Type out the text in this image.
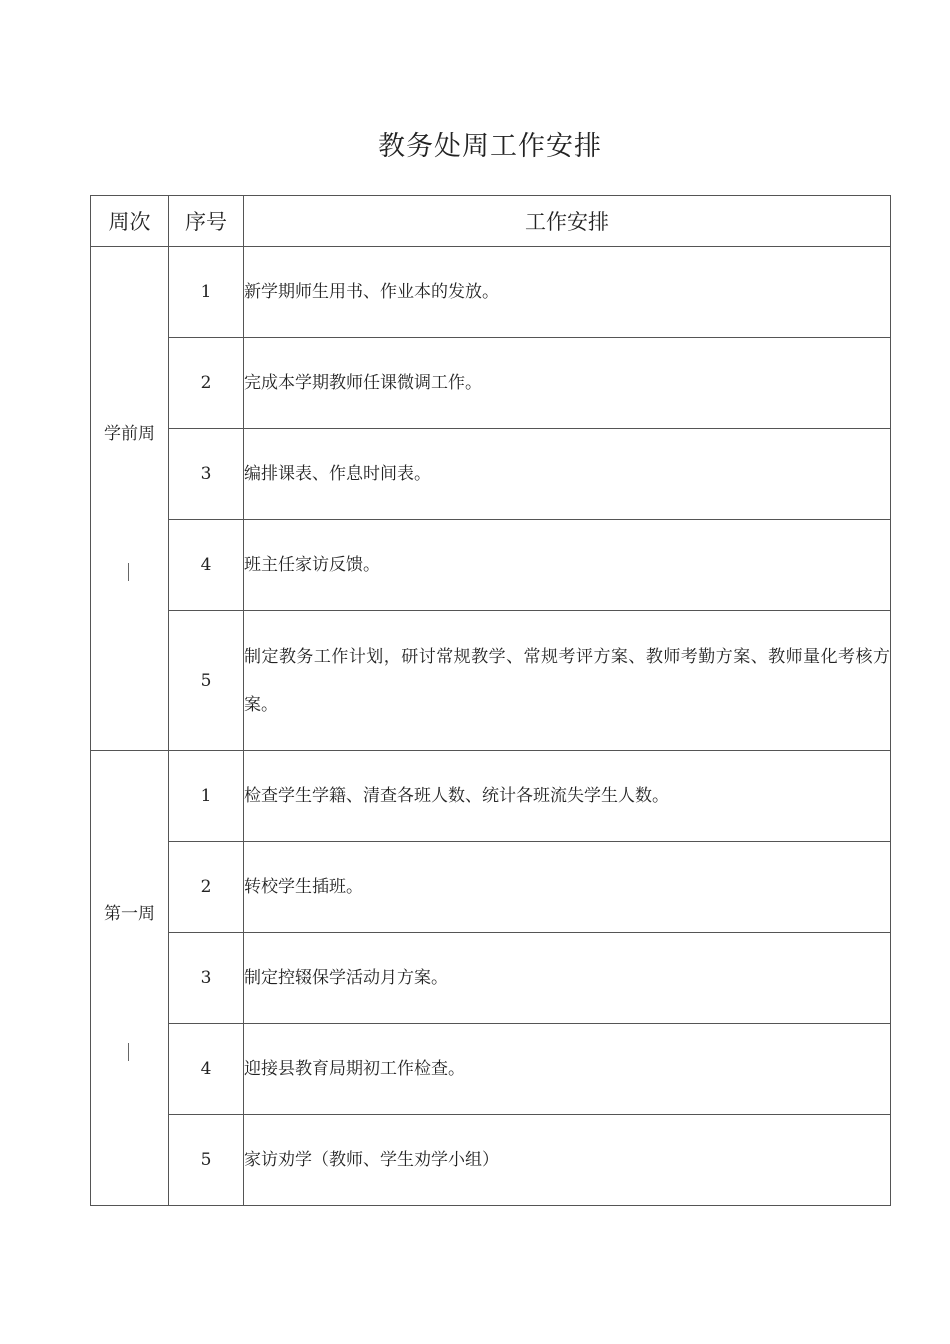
教务处周工作安排
周次	序号	工作安排

学前周	1	新学期师生用书、作业本的发放。
	2	完成本学期教师任课微调工作。
	3	编排课表、作息时间表。
	4	班主任家访反馈。
	5	制定教务工作计划，研讨常规教学、常规考评方案、教师考勤方案、教师量化考核方案。

第一周	1	检查学生学籍、清查各班人数、统计各班流失学生人数。
	2	转校学生插班。
	3	制定控辍保学活动月方案。
	4	迎接县教育局期初工作检查。
	5	家访劝学（教师、学生劝学小组）
